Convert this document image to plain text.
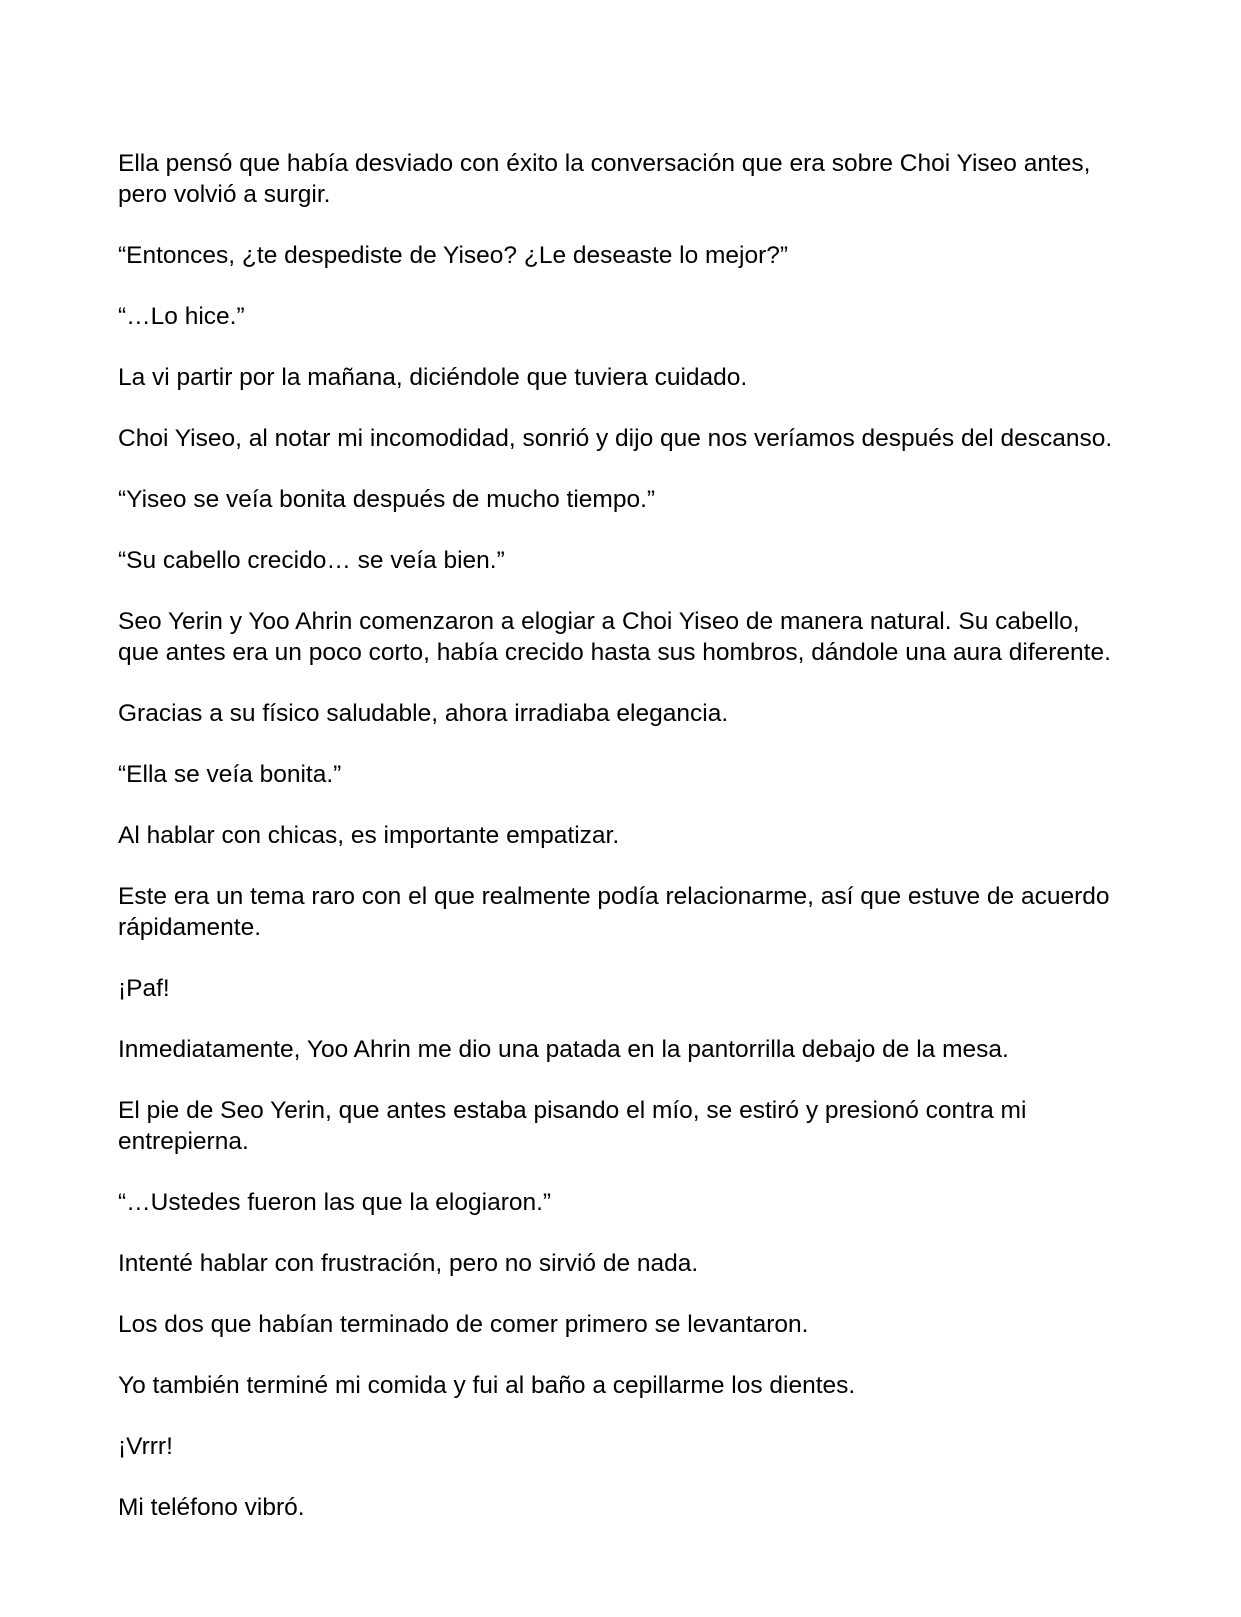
Ella pensó que había desviado con éxito la conversación que era sobre Choi Yiseo antes, pero volvió a surgir.

“Entonces, ¿te despediste de Yiseo? ¿Le deseaste lo mejor?”

“…Lo hice.”

La vi partir por la mañana, diciéndole que tuviera cuidado.

Choi Yiseo, al notar mi incomodidad, sonrió y dijo que nos veríamos después del descanso.

“Yiseo se veía bonita después de mucho tiempo.”

“Su cabello crecido… se veía bien.”

Seo Yerin y Yoo Ahrin comenzaron a elogiar a Choi Yiseo de manera natural. Su cabello, que antes era un poco corto, había crecido hasta sus hombros, dándole una aura diferente.

Gracias a su físico saludable, ahora irradiaba elegancia.

“Ella se veía bonita.”

Al hablar con chicas, es importante empatizar.

Este era un tema raro con el que realmente podía relacionarme, así que estuve de acuerdo rápidamente.

¡Paf!

Inmediatamente, Yoo Ahrin me dio una patada en la pantorrilla debajo de la mesa.

El pie de Seo Yerin, que antes estaba pisando el mío, se estiró y presionó contra mi entrepierna.

“…Ustedes fueron las que la elogiaron.”

Intenté hablar con frustración, pero no sirvió de nada.

Los dos que habían terminado de comer primero se levantaron.

Yo también terminé mi comida y fui al baño a cepillarme los dientes.

¡Vrrr!

Mi teléfono vibró.
